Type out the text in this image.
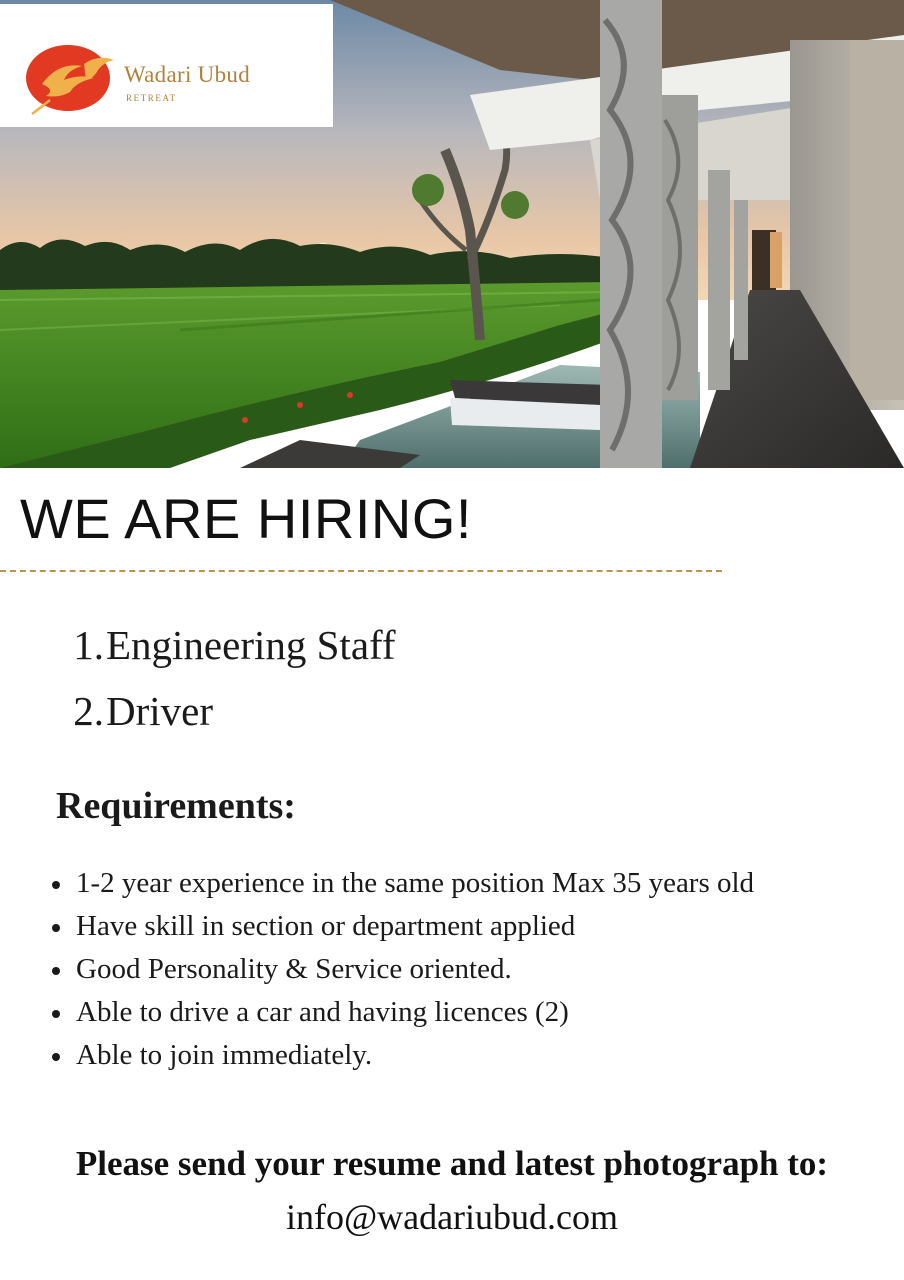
Wadari Ubud
RETREAT
WE ARE HIRING!
1.Engineering Staff
2.Driver
Requirements:
1-2 year experience in the same position Max 35 years old
Have skill in section or department applied
Good Personality & Service oriented.
Able to drive a car and having licences (2)
Able to join immediately.
Please send your resume and latest photograph to:
info@wadariubud.com
